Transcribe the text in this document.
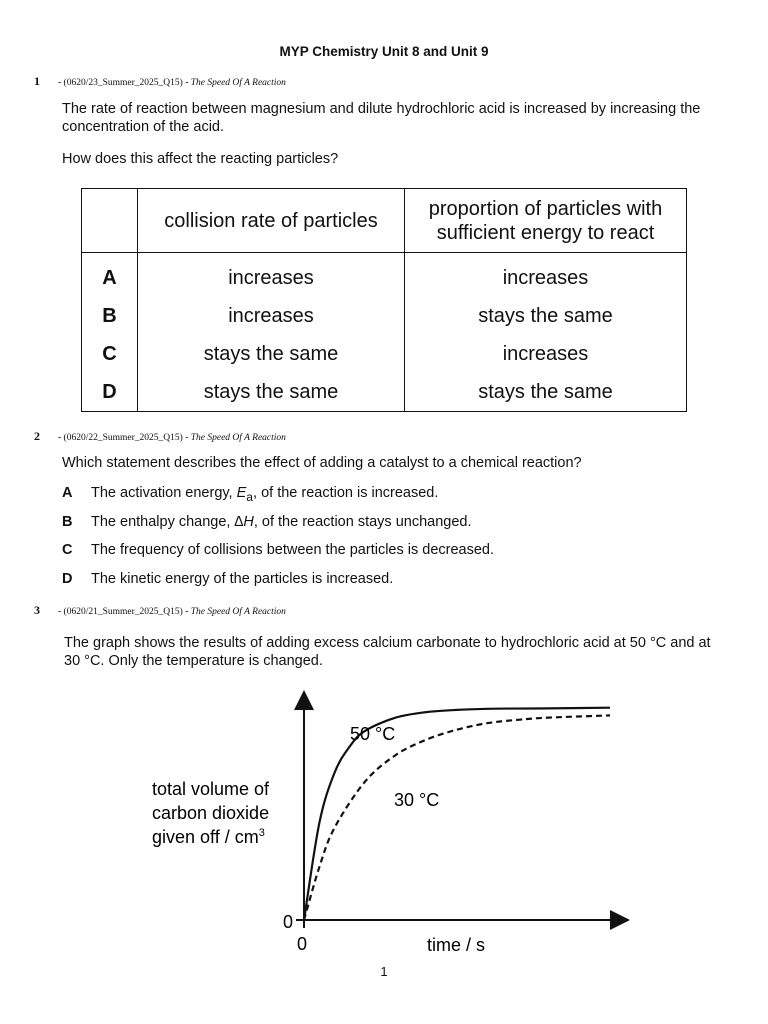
MYP Chemistry Unit 8 and Unit 9
1 - (0620/23_Summer_2025_Q15) - The Speed Of A Reaction
The rate of reaction between magnesium and dilute hydrochloric acid is increased by increasing the concentration of the acid.
How does this affect the reacting particles?
	collision rate of particles	proportion of particles with sufficient energy to react
A	increases	increases
B	increases	stays the same
C	stays the same	increases
D	stays the same	stays the same
2 - (0620/22_Summer_2025_Q15) - The Speed Of A Reaction
Which statement describes the effect of adding a catalyst to a chemical reaction?
A The activation energy, $E_a$, of the reaction is increased.
B The enthalpy change, ∆H, of the reaction stays unchanged.
C The frequency of collisions between the particles is decreased.
D The kinetic energy of the particles is increased.
3 - (0620/21_Summer_2025_Q15) - The Speed Of A Reaction
The graph shows the results of adding excess calcium carbonate to hydrochloric acid at 50 °C and at 30 °C. Only the temperature is changed.
0
0	time / s
total volume of
carbon dioxide
given off / $cm^3$
50 °C
30 °C
1
